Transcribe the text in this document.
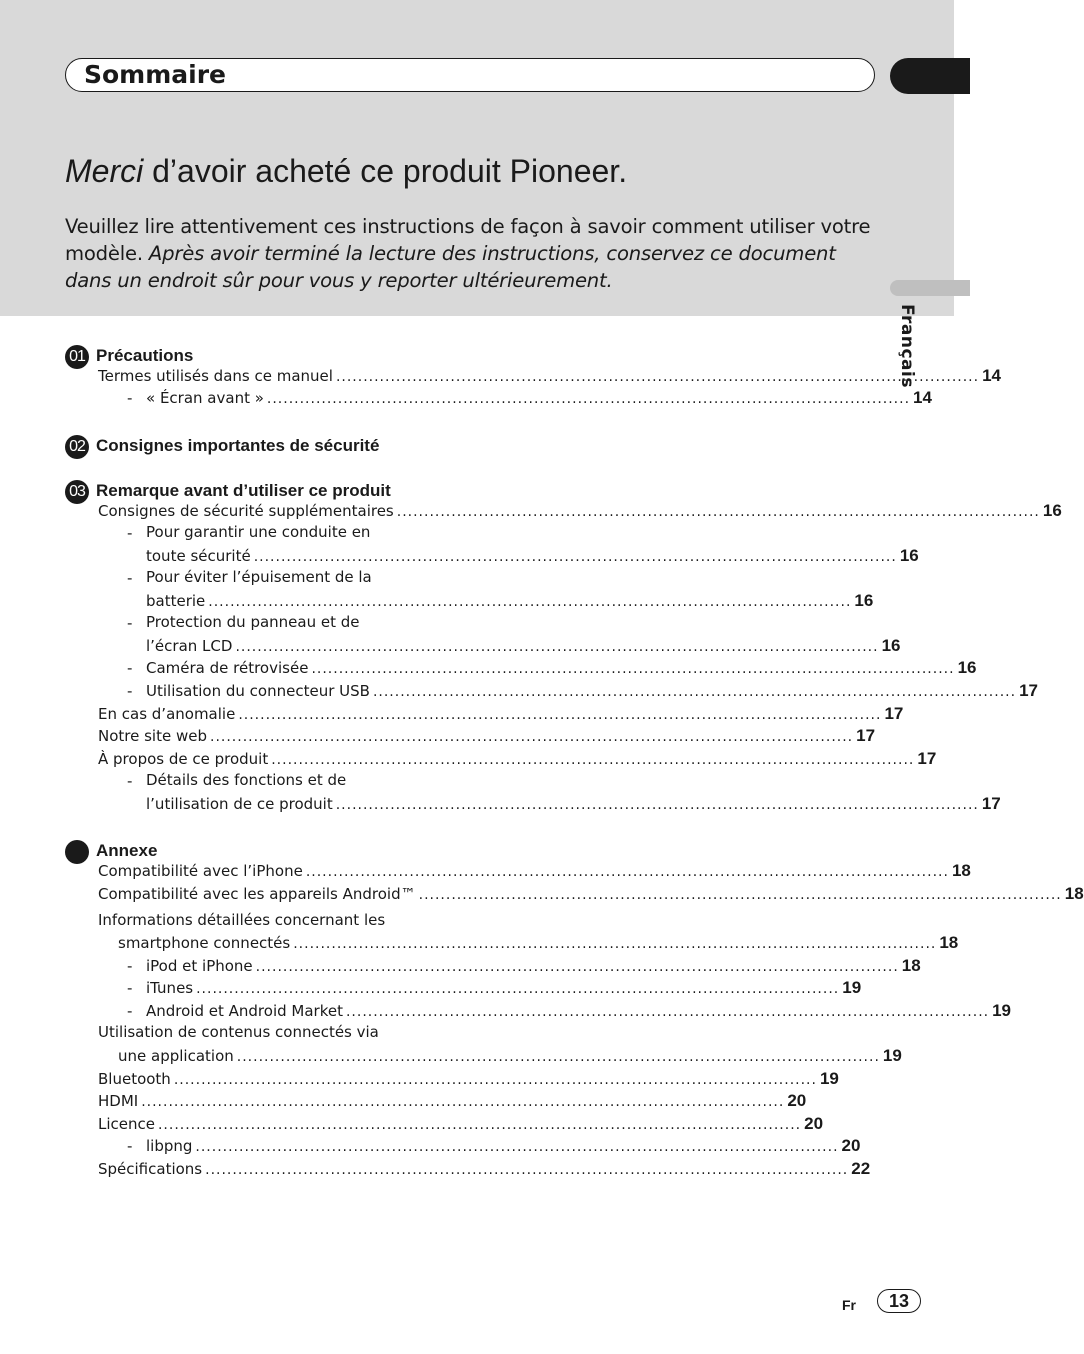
Sommaire
Merci d’avoir acheté ce produit Pioneer.

Veuillez lire attentivement ces instructions de façon à savoir comment utiliser votre modèle. Après avoir terminé la lecture des instructions, conservez ce document dans un endroit sûr pour vous y reporter ultérieurement.

Français
01 Précautions
Termes utilisés dans ce manuel ...................................................................................................................... 14
- « Écran avant » ...................................................................................................................... 14
02 Consignes importantes de sécurité
03 Remarque avant d’utiliser ce produit
Consignes de sécurité supplémentaires ...................................................................................................................... 16
- Pour garantir une conduite en
toute sécurité ...................................................................................................................... 16
- Pour éviter l’épuisement de la
batterie ...................................................................................................................... 16
- Protection du panneau et de
l’écran LCD ...................................................................................................................... 16
- Caméra de rétrovisée ...................................................................................................................... 16
- Utilisation du connecteur USB ...................................................................................................................... 17
En cas d’anomalie ...................................................................................................................... 17
Notre site web ...................................................................................................................... 17
À propos de ce produit ...................................................................................................................... 17
- Détails des fonctions et de
l’utilisation de ce produit ...................................................................................................................... 17
Annexe
Compatibilité avec l’iPhone ...................................................................................................................... 18
Compatibilité avec les appareils Android™ ...................................................................................................................... 18
Informations détaillées concernant les
smartphone connectés ...................................................................................................................... 18
- iPod et iPhone ...................................................................................................................... 18
- iTunes ...................................................................................................................... 19
- Android et Android Market ...................................................................................................................... 19
Utilisation de contenus connectés via
une application ...................................................................................................................... 19
Bluetooth ...................................................................................................................... 19
HDMI ...................................................................................................................... 20
Licence ...................................................................................................................... 20
- libpng ...................................................................................................................... 20
Spécifications ...................................................................................................................... 22
Fr	13
